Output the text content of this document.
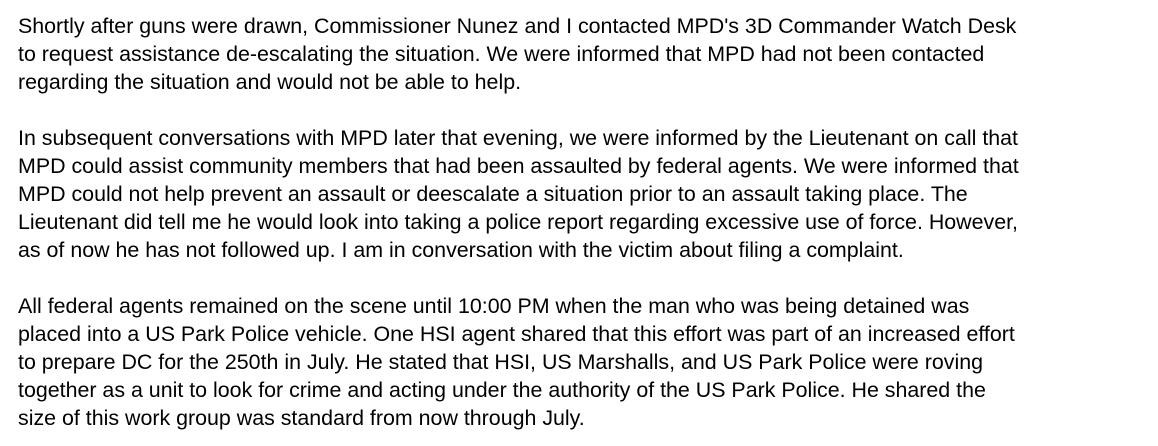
Shortly after guns were drawn, Commissioner Nunez and I contacted MPD's 3D Commander Watch Desk
to request assistance de-escalating the situation. We were informed that MPD had not been contacted
regarding the situation and would not be able to help.

In subsequent conversations with MPD later that evening, we were informed by the Lieutenant on call that
MPD could assist community members that had been assaulted by federal agents. We were informed that
MPD could not help prevent an assault or deescalate a situation prior to an assault taking place. The
Lieutenant did tell me he would look into taking a police report regarding excessive use of force. However,
as of now he has not followed up. I am in conversation with the victim about filing a complaint.

All federal agents remained on the scene until 10:00 PM when the man who was being detained was
placed into a US Park Police vehicle. One HSI agent shared that this effort was part of an increased effort
to prepare DC for the 250th in July. He stated that HSI, US Marshalls, and US Park Police were roving
together as a unit to look for crime and acting under the authority of the US Park Police. He shared the
size of this work group was standard from now through July.
